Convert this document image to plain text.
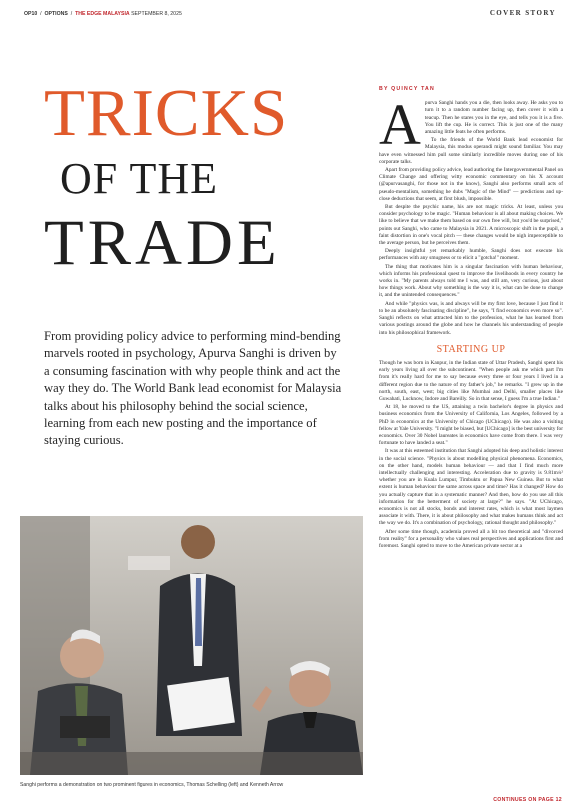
OP10  /  OPTIONS  /  THE EDGE MALAYSIA SEPTEMBER 8, 2025	COVER STORY
TRICKS
OF THE
TRADE
From providing policy advice to performing mind-bending marvels rooted in psychology, Apurva Sanghi is driven by a consuming fascination with why people think and act the way they do. The World Bank lead economist for Malaysia talks about his philosophy behind the social science, learning from each new posting and the importance of staying curious.
Sanghi performs a demonstration on two prominent figures in economics, Thomas Schelling (left) and Kenneth Arrow
BY QUINCY TAN
A purva Sanghi hands you a die, then looks away. He asks you to turn it to a random number facing up, then cover it with a teacup. Then he stares you in the eye, and tells you it is a five. You lift the cup. He is correct. This is just one of the many amazing little feats he often performs.

To the friends of the World Bank lead economist for Malaysia, this modus operandi might sound familiar. You may have even witnessed him pull some similarly incredible moves during one of his corporate talks.

Apart from providing policy advice, lead authoring the Intergovernmental Panel on Climate Change and offering witty economic commentary on his X account (@apurvasanghi, for those not in the know), Sanghi also performs small acts of pseudo-mentalism, something he dubs "Magic of the Mind" — predictions and up-close deductions that seem, at first blush, impossible.

But despite the psychic name, his are not magic tricks. At least, unless you consider psychology to be magic. "Human behaviour is all about making choices. We like to believe that we make them based on our own free will, but you'd be surprised," points out Sanghi, who came to Malaysia in 2021. A microscopic shift in the pupil, a faint distortion in one's vocal pitch — these changes would be nigh imperceptible to the average person, but he perceives them.

Deeply insightful yet remarkably humble, Sanghi does not execute his performances with any smugness or to elicit a "gotcha!" moment.

The thing that motivates him is a singular fascination with human behaviour, which informs his professional quest to improve the livelihoods in every country he works in. "My parents always told me I was, and still am, very curious, just about how things work. About why something is the way it is, what can be done to change it, and the unintended consequences."

And while "physics was, is and always will be my first love, because I just find it to be an absolutely fascinating discipline", he says, "I find economics even more so". Sanghi reflects on what attracted him to the profession, what he has learned from various postings around the globe and how he channels his understanding of people into his philosophical framework.

STARTING UP

Though he was born in Kanpur, in the Indian state of Uttar Pradesh, Sanghi spent his early years living all over the subcontinent. "When people ask me which part I'm from it's really hard for me to say because every three or four years I lived in a different region due to the nature of my father's job," he remarks. "I grew up in the north, south, east, west; big cities like Mumbai and Delhi, smaller places like Guwahati, Lucknow, Indore and Bareilly. So in that sense, I guess I'm a true Indian."

At 18, he moved to the US, attaining a twin bachelor's degree in physics and business economics from the University of California, Los Angeles, followed by a PhD in economics at the University of Chicago (UChicago). He was also a visiting fellow at Yale University. "I might be biased, but [UChicago] is the best university for economics. Over 30 Nobel laureates in economics have come from there. I was very fortunate to have landed a seat."

It was at this esteemed institution that Sanghi adopted his deep and holistic interest in the social science. "Physics is about modelling physical phenomena. Economics, on the other hand, models human behaviour — and that I find much more intellectually challenging and interesting. Acceleration due to gravity is 9.81m/s² whether you are in Kuala Lumpur, Timbuktu or Papua New Guinea. But to what extent is human behaviour the same across space and time? Has it changed? How do you actually capture that in a systematic manner? And then, how do you use all this information for the betterment of society at large?" he says. "At UChicago, economics is not all stocks, bonds and interest rates, which is what most laymen associate it with. There, it is about philosophy and what makes humans think and act the way we do. It's a combination of psychology, rational thought and philosophy."

After some time though, academia proved all a bit too theoretical and "divorced from reality" for a personality who values real perspectives and applications first and foremost. Sanghi opted to move to the American private sector at a

CONTINUES ON PAGE 12
